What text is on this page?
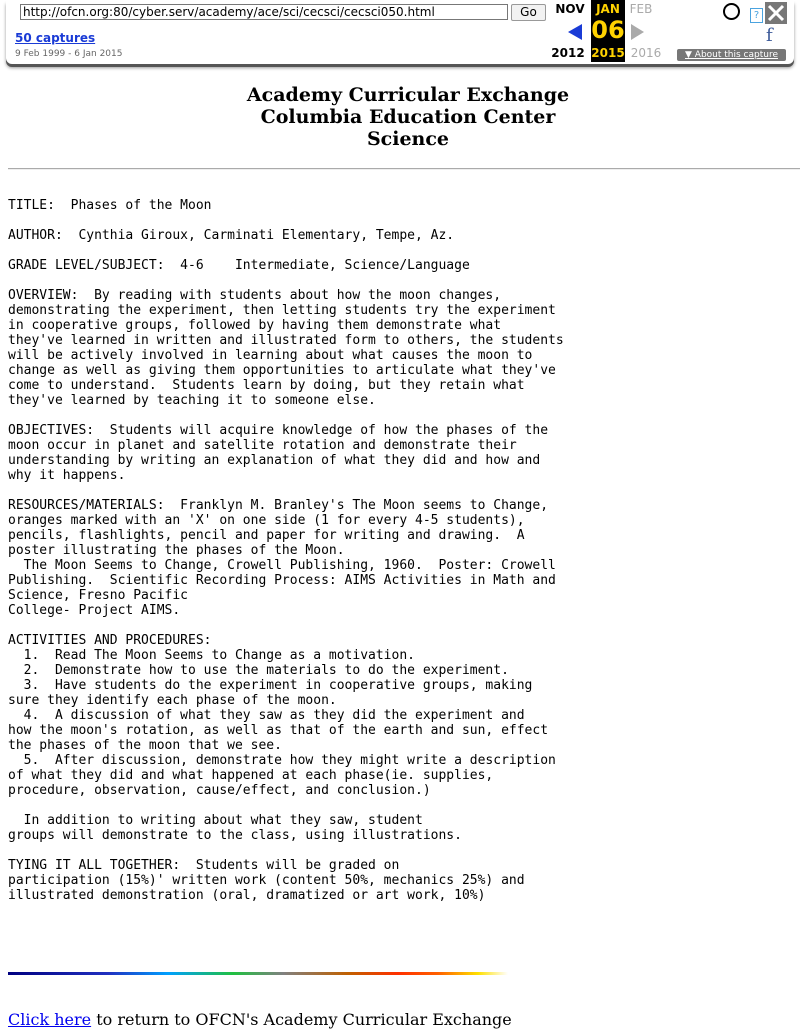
http://ofcn.org:80/cyber.serv/academy/ace/sci/cecsci/cecsci050.html
Go
50 captures
9 Feb 1999 - 6 Jan 2015
NOV
2012
JAN
06
2015
FEB
2016
?
f
▼ About this capture
Academy Curricular Exchange
Columbia Education Center
Science
TITLE:  Phases of the Moon

AUTHOR:  Cynthia Giroux, Carminati Elementary, Tempe, Az.

GRADE LEVEL/SUBJECT:  4-6    Intermediate, Science/Language

OVERVIEW:  By reading with students about how the moon changes,
demonstrating the experiment, then letting students try the experiment
in cooperative groups, followed by having them demonstrate what
they've learned in written and illustrated form to others, the students
will be actively involved in learning about what causes the moon to
change as well as giving them opportunities to articulate what they've
come to understand.  Students learn by doing, but they retain what
they've learned by teaching it to someone else.

OBJECTIVES:  Students will acquire knowledge of how the phases of the
moon occur in planet and satellite rotation and demonstrate their
understanding by writing an explanation of what they did and how and
why it happens.

RESOURCES/MATERIALS:  Franklyn M. Branley's The Moon seems to Change,
oranges marked with an 'X' on one side (1 for every 4-5 students),
pencils, flashlights, pencil and paper for writing and drawing.  A
poster illustrating the phases of the Moon.
The Moon Seems to Change, Crowell Publishing, 1960.  Poster: Crowell
Publishing.  Scientific Recording Process: AIMS Activities in Math and
Science, Fresno Pacific
College- Project AIMS.

ACTIVITIES AND PROCEDURES:
1.  Read The Moon Seems to Change as a motivation.
2.  Demonstrate how to use the materials to do the experiment.
3.  Have students do the experiment in cooperative groups, making
sure they identify each phase of the moon.
4.  A discussion of what they saw as they did the experiment and
how the moon's rotation, as well as that of the earth and sun, effect
the phases of the moon that we see.
5.  After discussion, demonstrate how they might write a description
of what they did and what happened at each phase(ie. supplies,
procedure, observation, cause/effect, and conclusion.)

In addition to writing about what they saw, student
groups will demonstrate to the class, using illustrations.

TYING IT ALL TOGETHER:  Students will be graded on
participation (15%)' written work (content 50%, mechanics 25%) and
illustrated demonstration (oral, dramatized or art work, 10%)
Click here to return to OFCN's Academy Curricular Exchange
